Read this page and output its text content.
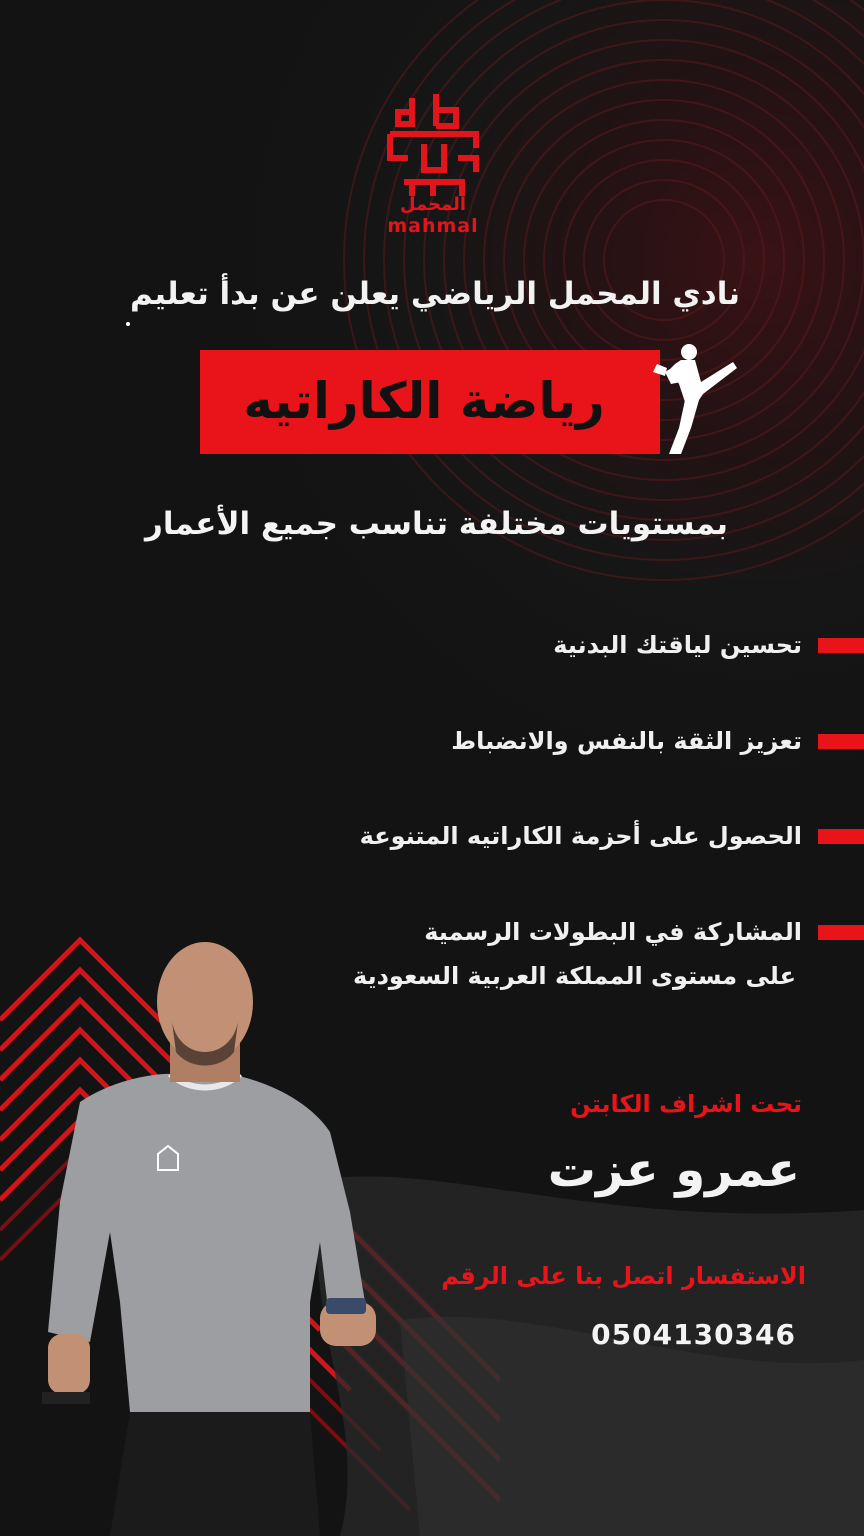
المحمل
mahmal
نادي المحمل الرياضي يعلن عن بدأ تعليم
رياضة الكاراتيه
بمستويات مختلفة تناسب جميع الأعمار
تحسين لياقتك البدنية
تعزيز الثقة بالنفس والانضباط
الحصول على أحزمة الكاراتيه المتنوعة
المشاركة في البطولات الرسمية
على مستوى المملكة العربية السعودية
تحت اشراف الكابتن
عمرو عزت
الاستفسار اتصل بنا على الرقم
0504130346
